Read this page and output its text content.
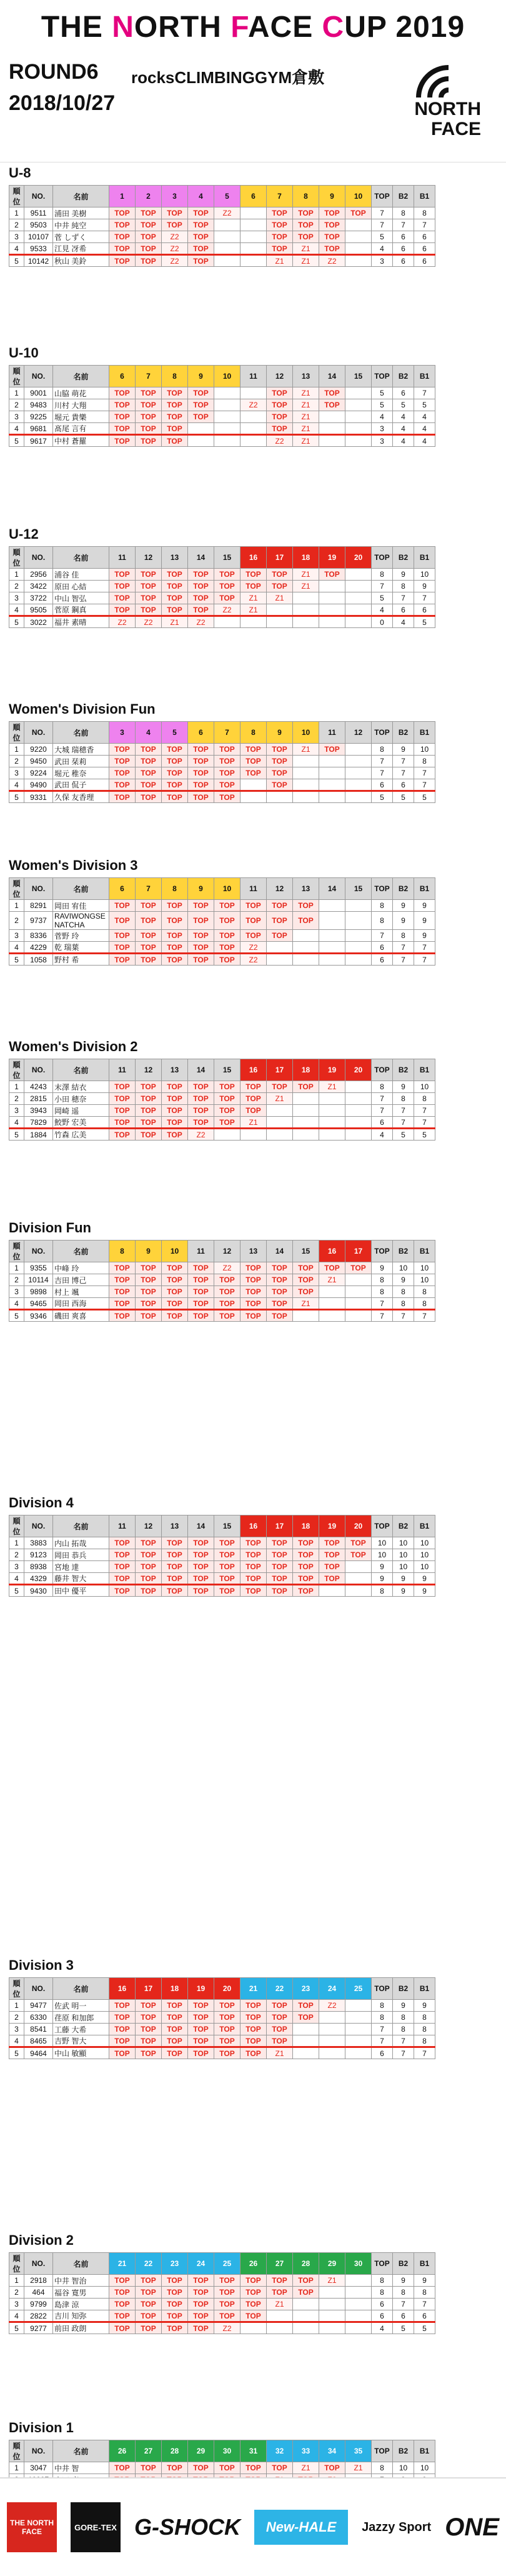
THE NORTH FACE CUP 2019
ROUND6 rocksCLIMBINGGYM倉敷
2018/10/27	NORTH
FACE
U-8
順位	NO.	名前	1	2	3	4	5	6	7	8	9	10	TOP	B2	B1
1	9511	浦田 美樹	TOP	TOP	TOP	TOP	Z2		TOP	TOP	TOP	TOP	7	8	8
2	9503	中井 純空	TOP	TOP	TOP	TOP			TOP	TOP	TOP		7	7	7
3	10107	菅 しずく	TOP	TOP	Z2	TOP			TOP	TOP	TOP		5	6	6
4	9533	江見 冴希	TOP	TOP	Z2	TOP			TOP	Z1	TOP		4	6	6
5	10142	秋山 美鈴	TOP	TOP	Z2	TOP			Z1	Z1	Z2		3	6	6
U-10
順位	NO.	名前	6	7	8	9	10	11	12	13	14	15	TOP	B2	B1
1	9001	山脇 萌花	TOP	TOP	TOP	TOP			TOP	Z1	TOP		5	6	7
2	9483	川村 大翔	TOP	TOP	TOP	TOP		Z2	TOP	Z1	TOP		5	5	5
3	9225	堀元 貴樂	TOP	TOP	TOP	TOP			TOP	Z1			4	4	4
4	9681	髙尾 言有	TOP	TOP	TOP				TOP	Z1			3	4	4
5	9617	中村 蒼羅	TOP	TOP	TOP				Z2	Z1			3	4	4
U-12
順位	NO.	名前	11	12	13	14	15	16	17	18	19	20	TOP	B2	B1
1	2956	浦谷 佳	TOP	TOP	TOP	TOP	TOP	TOP	TOP	Z1	TOP		8	9	10
2	3422	原田 心結	TOP	TOP	TOP	TOP	TOP	TOP	TOP	Z1			7	8	9
3	3722	中山 智弘	TOP	TOP	TOP	TOP	TOP	Z1	Z1				5	7	7
4	9505	菅原 鋼真	TOP	TOP	TOP	TOP	Z2	Z1					4	6	6
5	3022	福井 素晴	Z2	Z2	Z1	Z2							0	4	5
Women's Division Fun
順位	NO.	名前	3	4	5	6	7	8	9	10	11	12	TOP	B2	B1
1	9220	大城 瑞穂香	TOP	TOP	TOP	TOP	TOP	TOP	TOP	Z1	TOP		8	9	10
2	9450	武田 栞莉	TOP	TOP	TOP	TOP	TOP	TOP	TOP				7	7	8
3	9224	堀元 稚奈	TOP	TOP	TOP	TOP	TOP	TOP	TOP				7	7	7
4	9490	武田 侃子	TOP	TOP	TOP	TOP	TOP		TOP				6	6	7
5	9331	久保 友香理	TOP	TOP	TOP	TOP	TOP						5	5	5
Women's Division 3
順位	NO.	名前	6	7	8	9	10	11	12	13	14	15	TOP	B2	B1
1	8291	岡田 宥佳	TOP	TOP	TOP	TOP	TOP	TOP	TOP	TOP			8	9	9
2	9737	RAVIWONGSE NATCHA	TOP	TOP	TOP	TOP	TOP	TOP	TOP	TOP			8	9	9
3	8336	菅野 玲	TOP	TOP	TOP	TOP	TOP	TOP	TOP				7	8	9
4	4229	乾 瑞葉	TOP	TOP	TOP	TOP	TOP	Z2					6	7	7
5	1058	野村 希	TOP	TOP	TOP	TOP	TOP	Z2					6	7	7
Women's Division 2
順位	NO.	名前	11	12	13	14	15	16	17	18	19	20	TOP	B2	B1
1	4243	末澤 結衣	TOP	TOP	TOP	TOP	TOP	TOP	TOP	TOP	Z1		8	9	10
2	2815	小田 穂奈	TOP	TOP	TOP	TOP	TOP	TOP	Z1				7	8	8
3	3943	岡崎 遥	TOP	TOP	TOP	TOP	TOP	TOP					7	7	7
4	7829	鮫野 宏美	TOP	TOP	TOP	TOP	TOP	Z1					6	7	7
5	1884	竹森 広美	TOP	TOP	TOP	Z2							4	5	5
Division Fun
順位	NO.	名前	8	9	10	11	12	13	14	15	16	17	TOP	B2	B1
1	9355	中峰 玲	TOP	TOP	TOP	TOP	Z2	TOP	TOP	TOP	TOP	TOP	9	10	10
2	10114	吉田 博己	TOP	TOP	TOP	TOP	TOP	TOP	TOP	TOP	Z1		8	9	10
3	9898	村上 颯	TOP	TOP	TOP	TOP	TOP	TOP	TOP	TOP			8	8	8
4	9465	岡田 西海	TOP	TOP	TOP	TOP	TOP	TOP	TOP	Z1			7	8	8
5	9346	磯田 爽喜	TOP	TOP	TOP	TOP	TOP	TOP	TOP				7	7	7
Division 4
順位	NO.	名前	11	12	13	14	15	16	17	18	19	20	TOP	B2	B1
1	3883	内山 拓哉	TOP	TOP	TOP	TOP	TOP	TOP	TOP	TOP	TOP	TOP	10	10	10
2	9123	岡田 恭兵	TOP	TOP	TOP	TOP	TOP	TOP	TOP	TOP	TOP	TOP	10	10	10
3	8938	宮地 達	TOP	TOP	TOP	TOP	TOP	TOP	TOP	TOP	TOP		9	10	10
4	4329	藤井 智大	TOP	TOP	TOP	TOP	TOP	TOP	TOP	TOP	TOP		9	9	9
5	9430	田中 優平	TOP	TOP	TOP	TOP	TOP	TOP	TOP	TOP			8	9	9
Division 3
順位	NO.	名前	16	17	18	19	20	21	22	23	24	25	TOP	B2	B1
1	9477	佐武 明一	TOP	TOP	TOP	TOP	TOP	TOP	TOP	TOP	Z2		8	9	9
2	6330	荏原 和加郎	TOP	TOP	TOP	TOP	TOP	TOP	TOP	TOP			8	8	8
3	8541	工藤 大希	TOP	TOP	TOP	TOP	TOP	TOP	TOP				7	8	8
4	8465	吉野 智大	TOP	TOP	TOP	TOP	TOP	TOP	TOP				7	7	8
5	9464	中山 敏顯	TOP	TOP	TOP	TOP	TOP	TOP	Z1				6	7	7
Division 2
順位	NO.	名前	21	22	23	24	25	26	27	28	29	30	TOP	B2	B1
1	2918	中井 智治	TOP	TOP	TOP	TOP	TOP	TOP	TOP	TOP	Z1		8	9	9
2	464	福谷 寛男	TOP	TOP	TOP	TOP	TOP	TOP	TOP	TOP			8	8	8
3	9799	島津 涼	TOP	TOP	TOP	TOP	TOP	TOP	Z1				6	7	7
4	2822	吉川 知弥	TOP	TOP	TOP	TOP	TOP	TOP					6	6	6
5	9277	前田 政朗	TOP	TOP	TOP	TOP	Z2						4	5	5
Division 1
順位	NO.	名前	26	27	28	29	30	31	32	33	34	35	TOP	B2	B1
1	3047	中井 智	TOP	TOP	TOP	TOP	TOP	TOP	TOP	Z1	TOP	Z1	8	10	10

THE NORTH FACE	GORE-TEX G-SHOCK	New-HALE	Jazzy Sport ONE
